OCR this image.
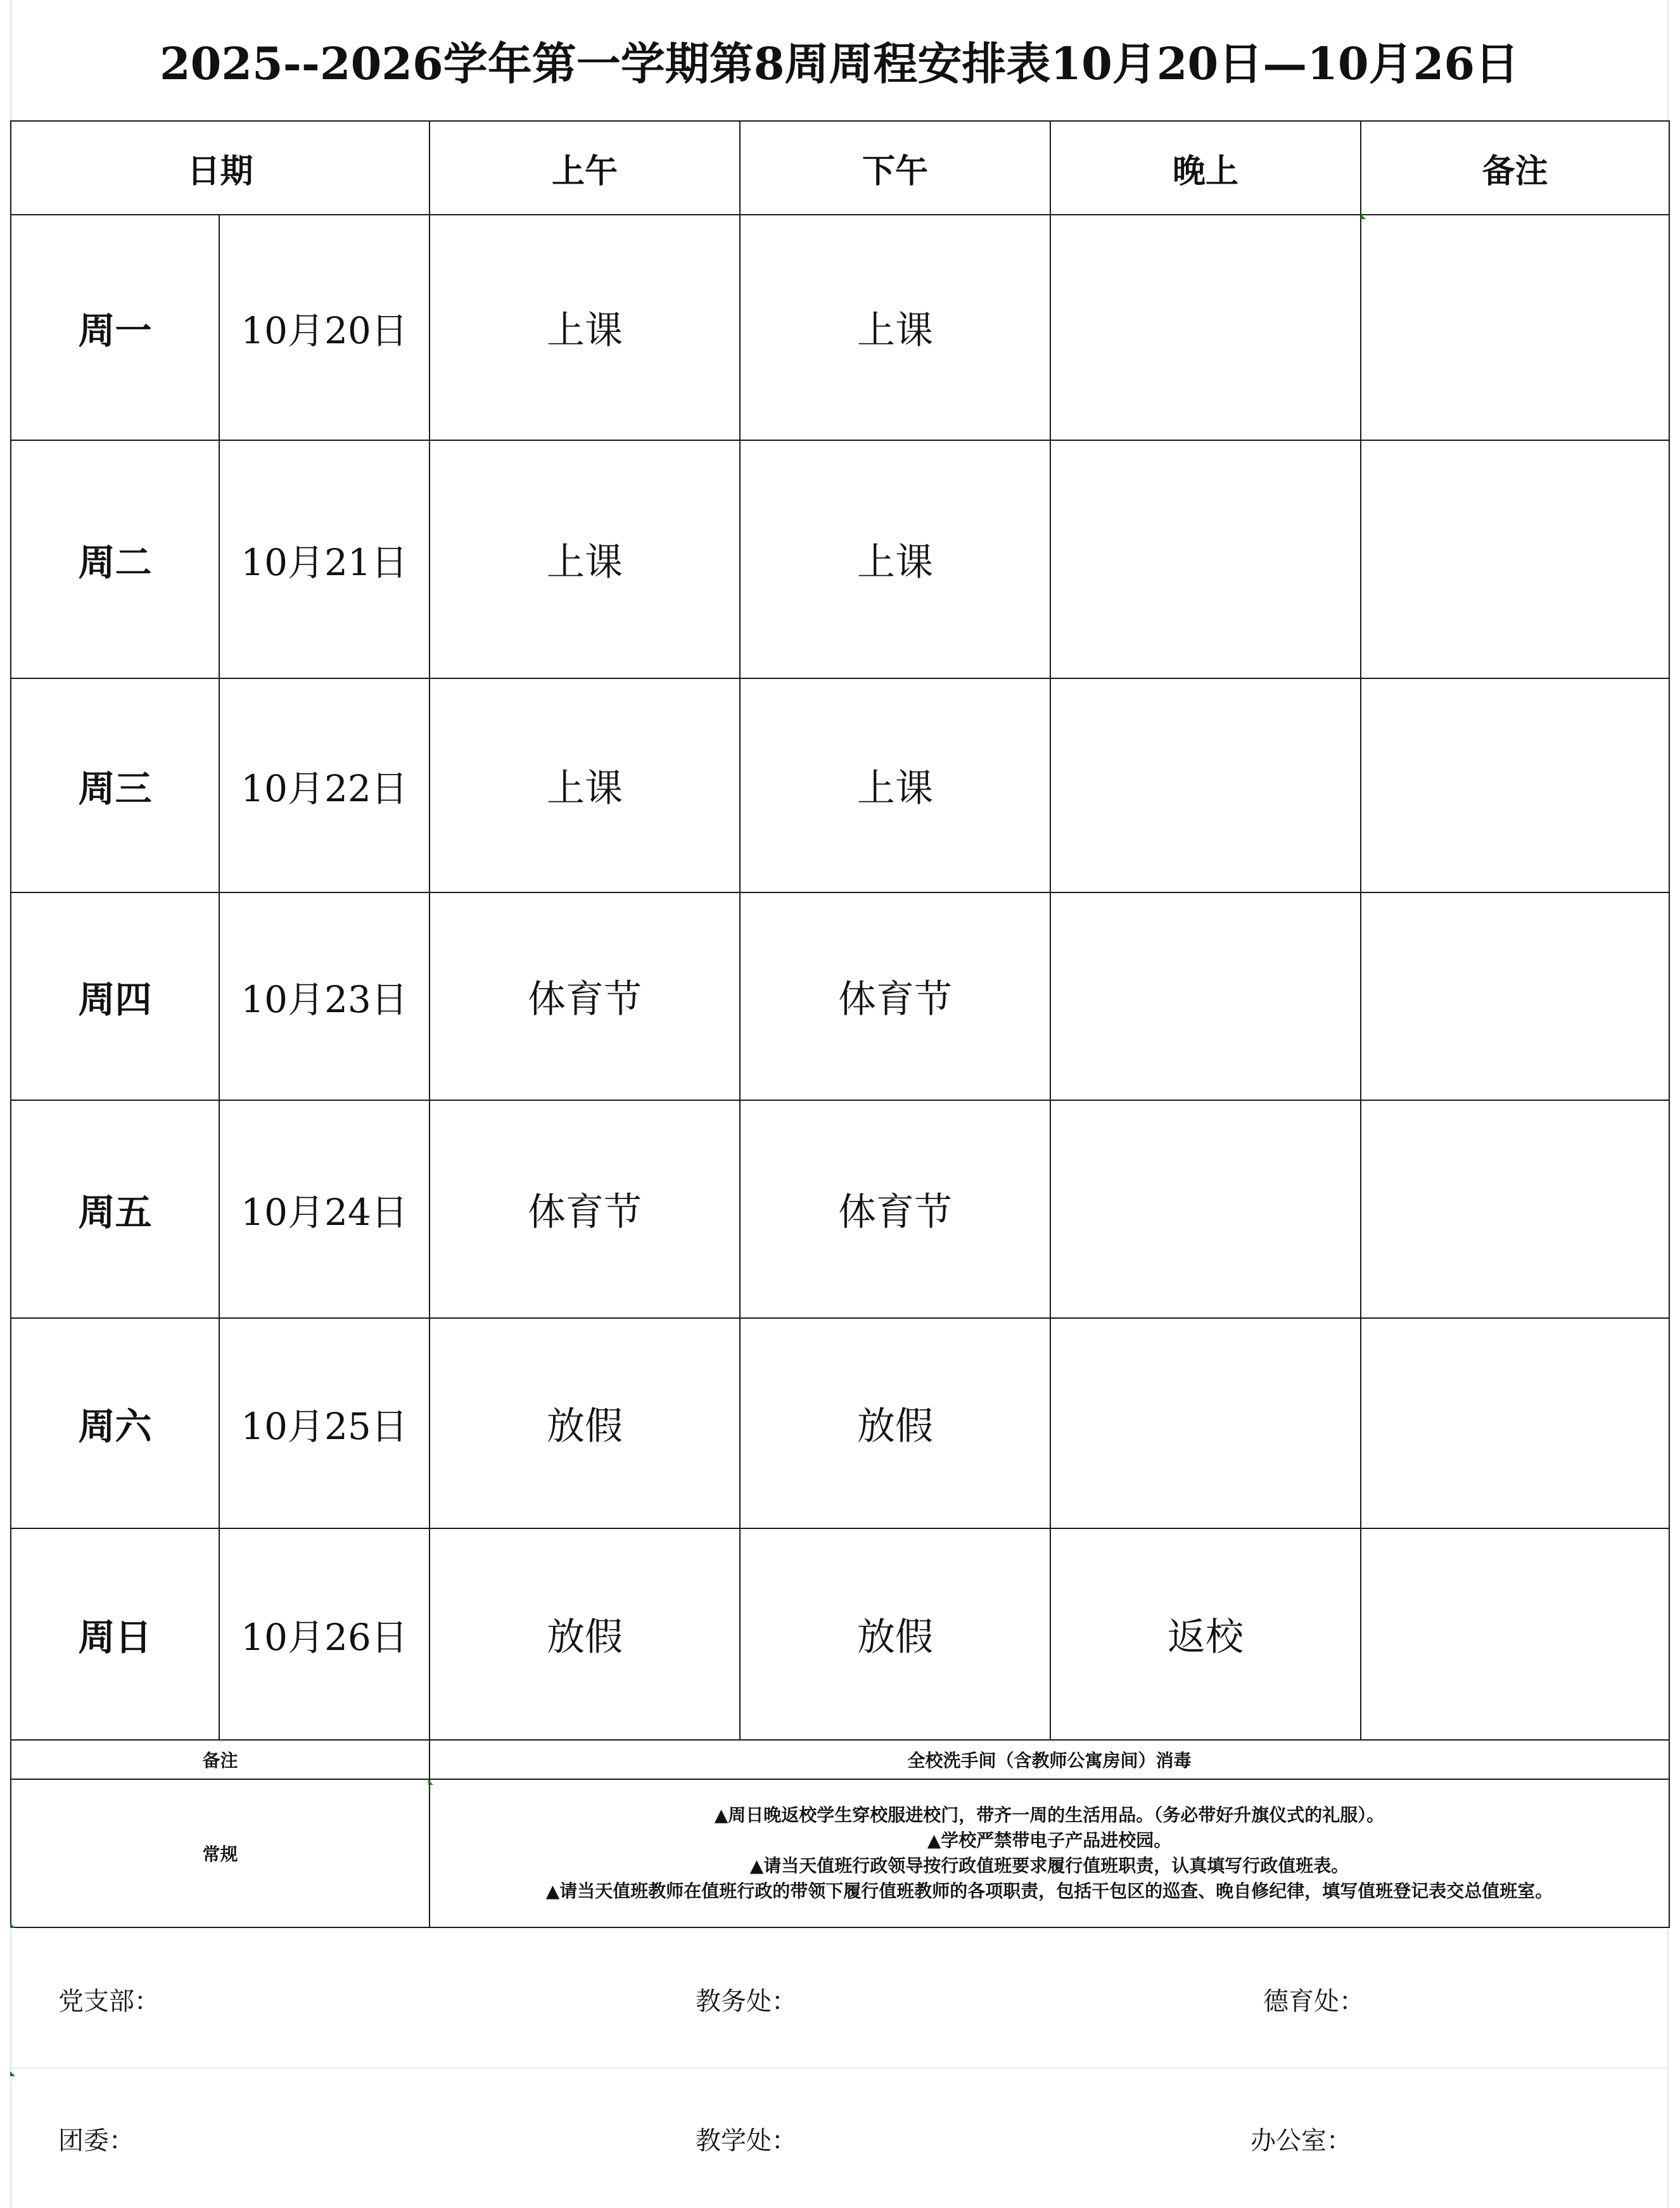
2025--2026学年第一学期第8周周程安排表10月20日—10月26日
日期		上午	下午	晚上	备注
周一	10月20日	上课	上课		
周二	10月21日	上课	上课		
周三	10月22日	上课	上课		
周四	10月23日	体育节	体育节		
周五	10月24日	体育节	体育节		
周六	10月25日	放假	放假		
周日	10月26日	放假	放假	返校	
备注		全校洗手间（含教师公寓房间）消毒			
常规		▲周日晚返校学生穿校服进校门，带齐一周的生活用品。（务必带好升旗仪式的礼服）。
▲学校严禁带电子产品进校园。
▲请当天值班行政领导按行政值班要求履行值班职责，认真填写行政值班表。
▲请当天值班教师在值班行政的带领下履行值班教师的各项职责，包括干包区的巡查、晚自修纪律，填写值班登记表交总值班室。			
党支部：	教务处：	德育处：
团委：	教学处：	办公室：
